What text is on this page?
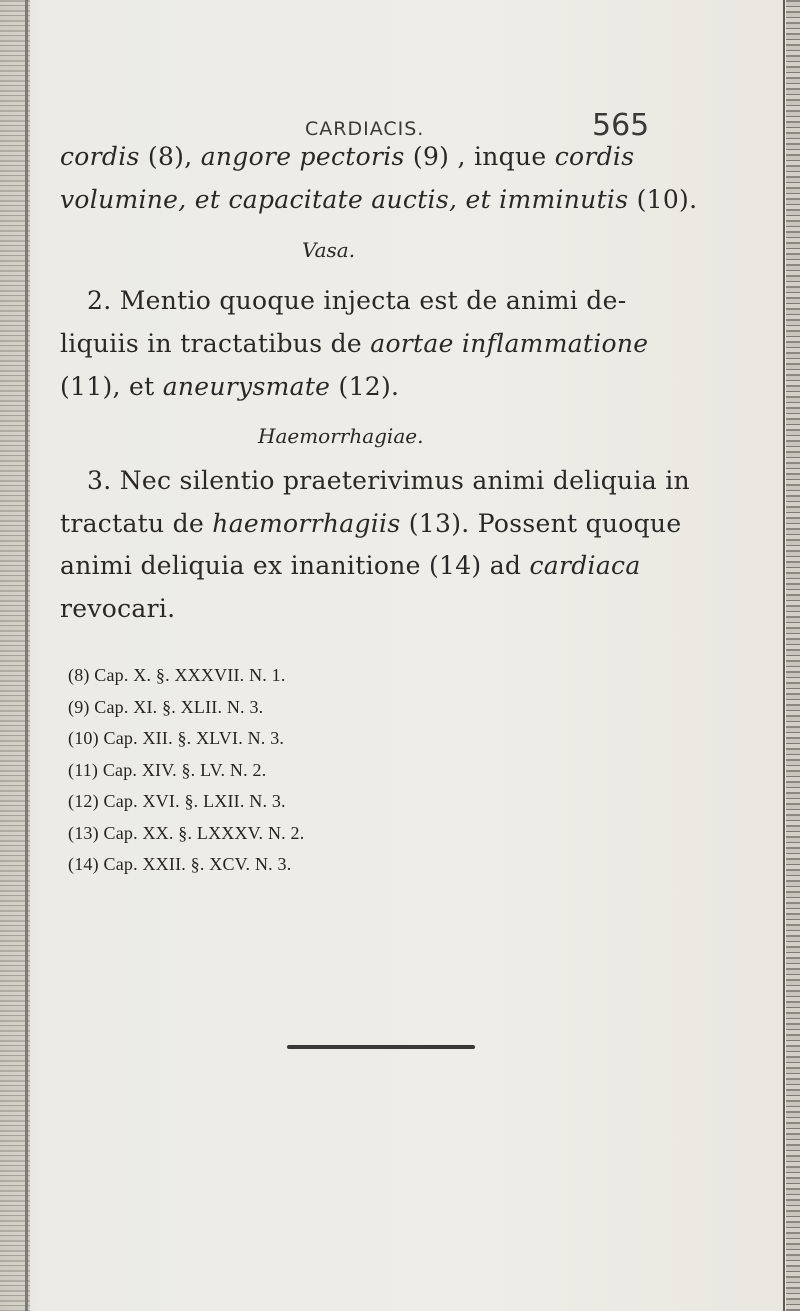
CARDIACIS.	565
cordis (8), angore pectoris (9) , inque cordis
volumine, et capacitate auctis, et imminutis (10).
Vasa.
2. Mentio quoque injecta est de animi de-
liquiis in tractatibus de aortae inflammatione
(11), et aneurysmate (12).
Haemorrhagiae.
3. Nec silentio praeterivimus animi deliquia in
tractatu de haemorrhagiis (13). Possent quoque
animi deliquia ex inanitione (14) ad cardiaca
revocari.
(8) Cap. X. §. XXXVII. N. 1.
(9) Cap. XI. §. XLII. N. 3.
(10) Cap. XII. §. XLVI. N. 3.
(11) Cap. XIV. §. LV. N. 2.
(12) Cap. XVI. §. LXII. N. 3.
(13) Cap. XX. §. LXXXV. N. 2.
(14) Cap. XXII. §. XCV. N. 3.
